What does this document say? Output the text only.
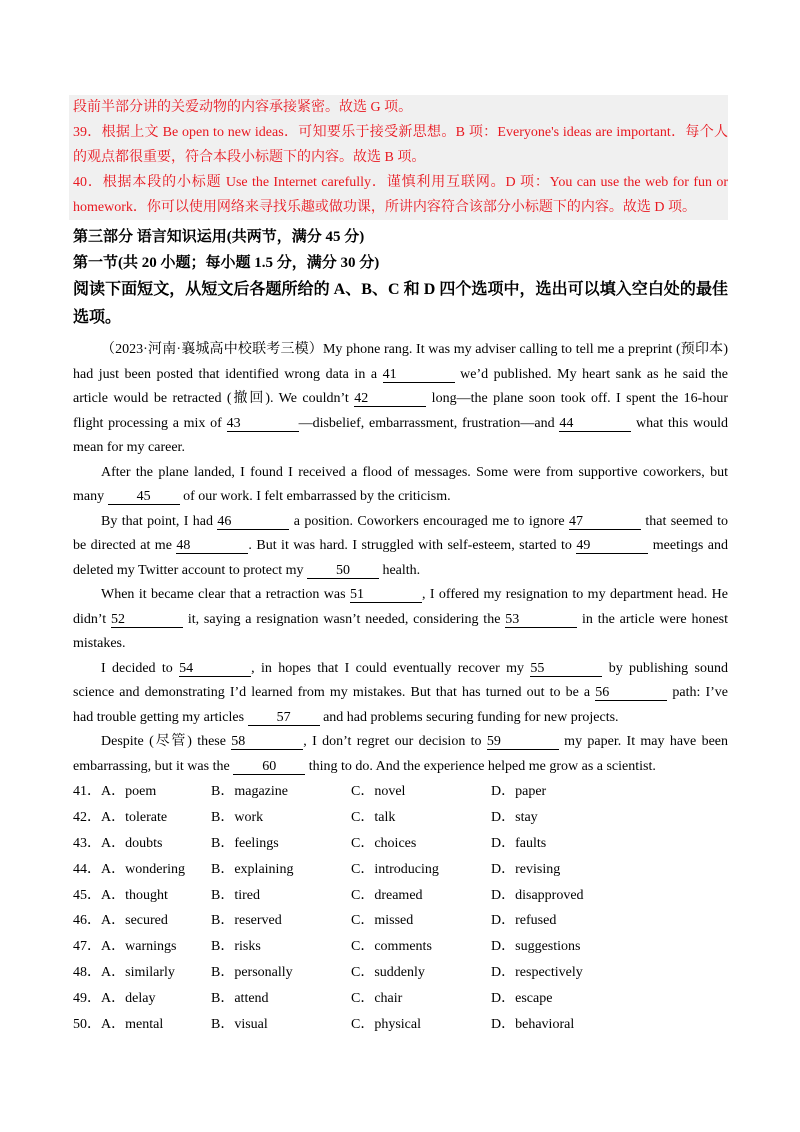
段前半部分讲的关爱动物的内容承接紧密。故选 G 项。
39．根据上文 Be open to new ideas．可知要乐于接受新思想。B 项：Everyone's ideas are important．每个人
的观点都很重要，符合本段小标题下的内容。故选 B 项。
40．根据本段的小标题 Use the Internet carefully．谨慎利用互联网。D 项：You can use the web for fun or
homework．你可以使用网络来寻找乐趣或做功课，所讲内容符合该部分小标题下的内容。故选 D 项。
第三部分 语言知识运用(共两节，满分 45 分)
第一节(共 20 小题；每小题 1.5 分，满分 30 分)
阅读下面短文，从短文后各题所给的 A、B、C 和 D 四个选项中，选出可以填入空白处的最佳
选项。
（2023·河南·襄城高中校联考三模）My phone rang. It was my adviser calling to tell me a preprint (预印本)
had just been posted that identified wrong data in a 41	we’d published. My heart sank as he said the
article would be retracted (撤回). We couldn’t 42	long—the plane soon took off. I spent the 16-hour
flight processing a mix of 43	—disbelief, embarrassment, frustration—and 44	what this would
mean for my career.
After the plane landed, I found I received a flood of messages. Some were from supportive coworkers, but
many 45 of our work. I felt embarrassed by the criticism.
By that point, I had 46	a position. Coworkers encouraged me to ignore 47	that seemed to
be directed at me 48	. But it was hard. I struggled with self-esteem, started to 49	meetings and
deleted my Twitter account to protect my 50 health.
When it became clear that a retraction was 51	, I offered my resignation to my department head. He
didn’t 52	it, saying a resignation wasn’t needed, considering the 53	in the article were honest
mistakes.
I decided to 54	, in hopes that I could eventually recover my 55	by publishing sound
science and demonstrating I’d learned from my mistakes. But that has turned out to be a 56	path: I’ve
had trouble getting my articles 57 and had problems securing funding for new projects.
Despite (尽管) these 58	, I don’t regret our decision to 59	my paper. It may have been
embarrassing, but it was the 60 thing to do. And the experience helped me grow as a scientist.
41．A．poem	B．magazine	C．novel	D．paper
42．A．tolerate	B．work	C．talk	D．stay
43．A．doubts	B．feelings	C．choices	D．faults
44．A．wondering	B．explaining	C．introducing	D．revising
45．A．thought	B．tired	C．dreamed	D．disapproved
46．A．secured	B．reserved	C．missed	D．refused
47．A．warnings	B．risks	C．comments	D．suggestions
48．A．similarly	B．personally	C．suddenly	D．respectively
49．A．delay	B．attend	C．chair	D．escape
50．A．mental	B．visual	C．physical	D．behavioral
